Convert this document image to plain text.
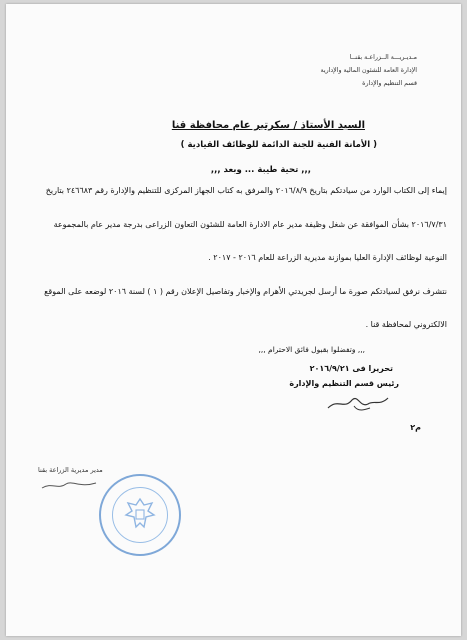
مـديـريـــة الــزراعـة بقنــا
الإدارة العامة للشئون المالية والإدارية
قسم التنظيم والإدارة
السيد الأستاذ / سكرتير عام محافظة قنا
( الأمانة الفنية للجنة الدائمة للوظائف القيادية )
,,, تحية طيبة ... وبعد ,,,
إيماء إلى الكتاب الوارد من سيادتكم بتاريخ ٢٠١٦/٨/٩ والمرفق به كتاب الجهاز المركزى للتنظيم والإدارة رقم ٢٤٦٦٨٣ بتاريخ
٢٠١٦/٧/٣١ بشأن الموافقة عن شغل وظيفة مدير عام الادارة العامة للشئون التعاون الزراعى بدرجة مدير عام بالمجموعة
النوعية لوظائف الإدارة العليا بموازنة مديرية الزراعة للعام ٢٠١٦ - ٢٠١٧ .
نتشرف نرفق لسيادتكم صورة ما أرسل لجريدتي الأهرام والإخبار وتفاصيل الإعلان رقم ( ١ ) لسنة ٢٠١٦ لوضعه على الموقع
الالكتروني لمحافظة قنا .
,,, وتفضلوا بقبول فائق الاحترام ,,,
تحريرا فى ٢٠١٦/٩/٢١
رئيس قسم التنظيم والإدارة
م٢
مدير مديرية الزراعة بقنا
